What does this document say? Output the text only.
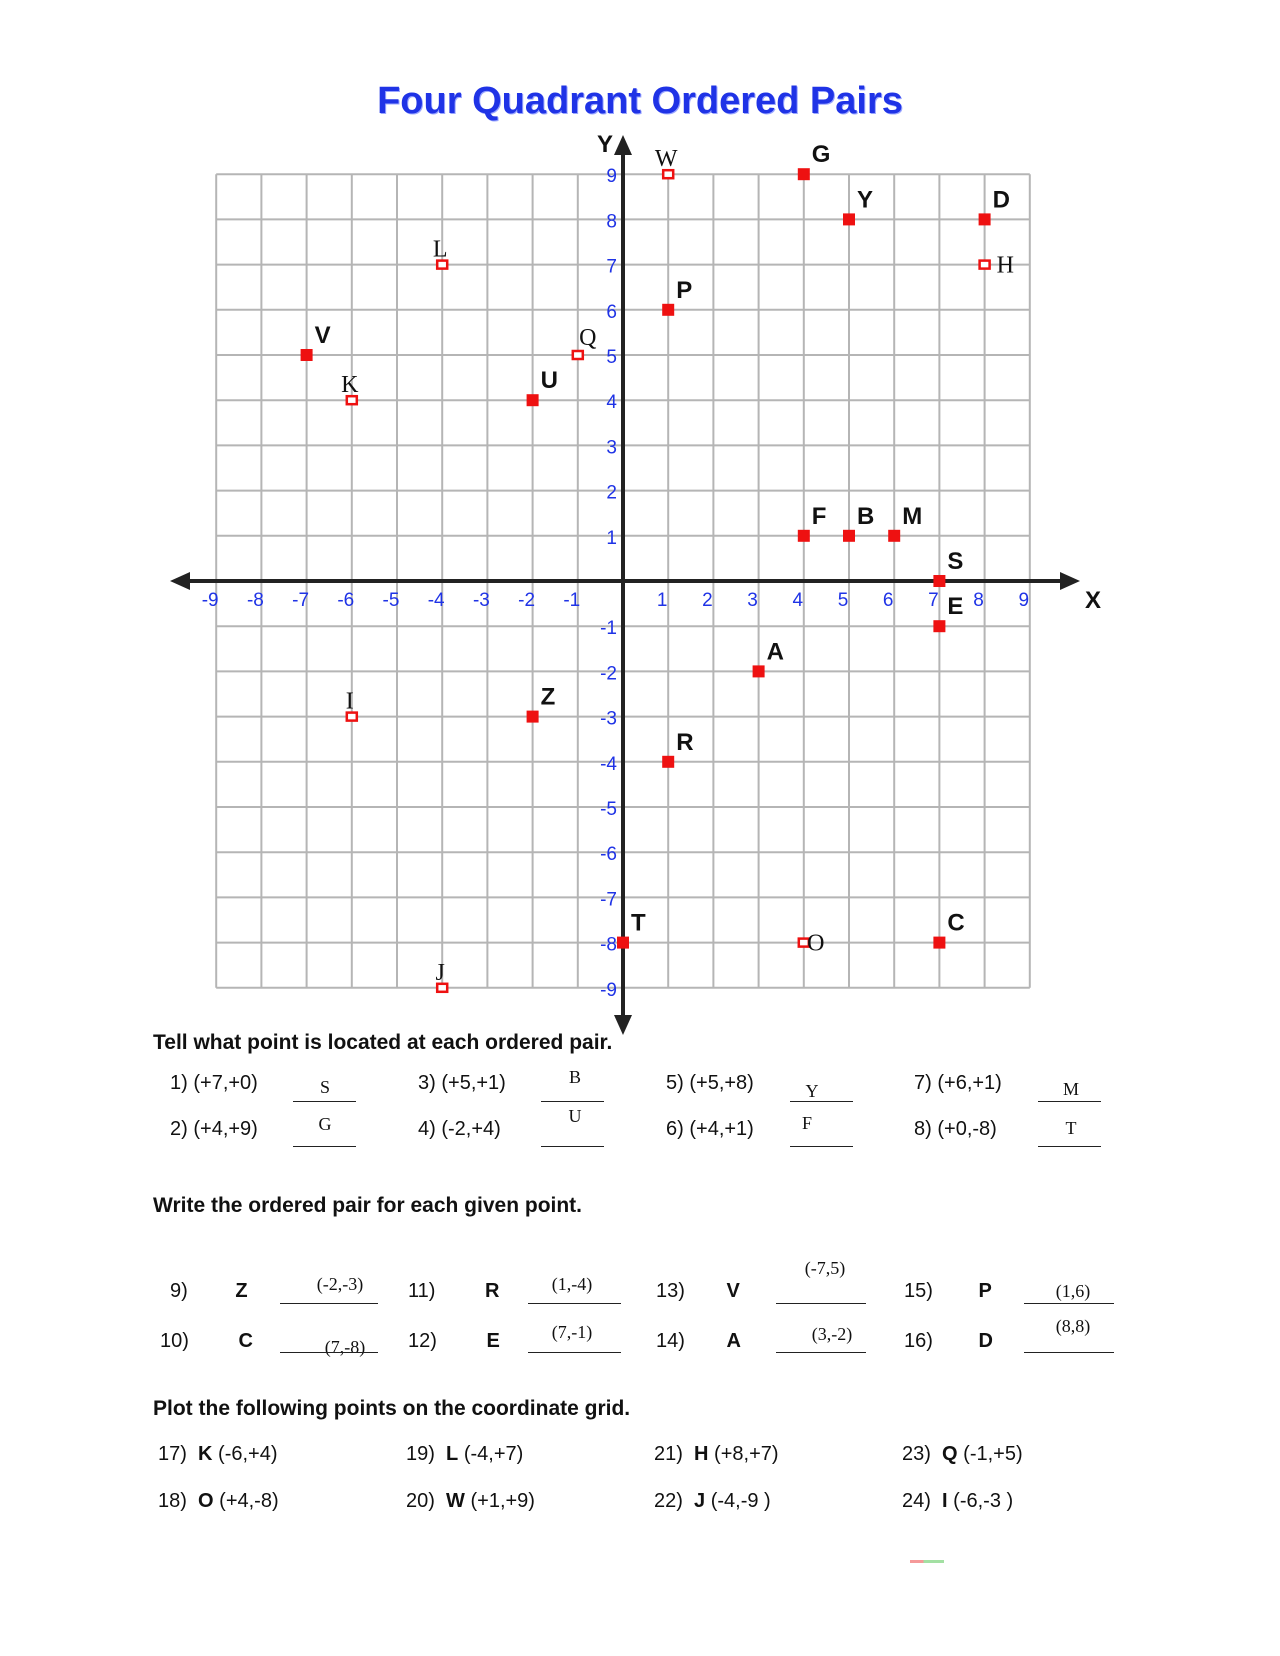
Four Quadrant Ordered Pairs
X
Y
-9 -8 -7 -6 -5 -4 -3 -2 -1	1 2 3 4 5 6 7 8 9
9
8
7
6
5
4
3
2
1
-1
-2
-3
-4
-5
-6
-7
-8
-9
G
Y	D
P
V
U
F B M
S
E
A
Z
R
T	C
W
H
L
Q
K
I
O
J
Tell what point is located at each ordered pair.
1) (+7,+0)	S
2) (+4,+9)	G
3) (+5,+1)	B
4) (-2,+4)
U
5) (+5,+8)	Y
6) (+4,+1)	F
7) (+6,+1)	M
8) (+0,-8)	T
Write the ordered pair for each given point.
9) Z	(-2,-3)
10) C	(7,-8)
11) R	(1,-4)
12) E	(7,-1)
13) V
(-7,5)
14) A	(3,-2)
15) P	(1,6)
16) D
(8,8)
Plot the following points on the coordinate grid.
17) K (-6,+4)
18) O (+4,-8)
19) L (-4,+7)
20) W (+1,+9)
21) H (+8,+7)
22) J (-4,-9 )
23) Q (-1,+5)
24) I (-6,-3 )
